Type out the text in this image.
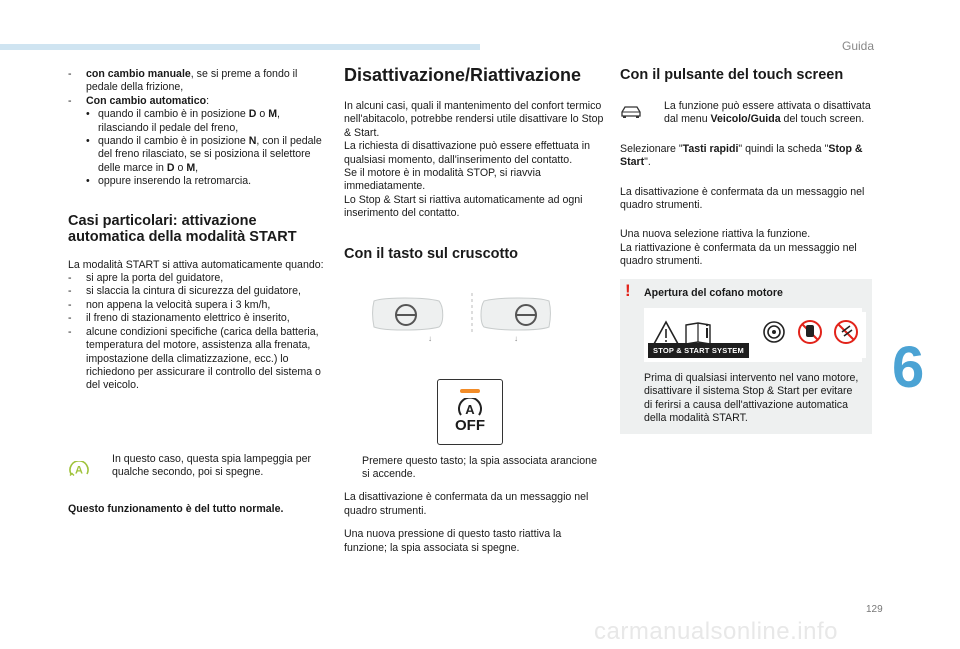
Guida
-	con cambio manuale, se si preme a fondo il pedale della frizione,
-	Con cambio automatico:
• quando il cambio è in posizione D o M, rilasciando il pedale del freno,
• quando il cambio è in posizione N, con il pedale del freno rilasciato, se si posiziona il selettore delle marce in D o M,
• oppure inserendo la retromarcia.
Casi particolari: attivazione automatica della modalità START

La modalità START si attiva automaticamente quando:

-	si apre la porta del guidatore,
-	si slaccia la cintura di sicurezza del guidatore,
-	non appena la velocità supera i 3 km/h,
-	il freno di stazionamento elettrico è inserito,
-	alcune condizioni specifiche (carica della batteria, temperatura del motore, assistenza alla frenata, impostazione della climatizzazione, ecc.) lo richiedono per assicurare il controllo del sistema o del veicolo.
A
In questo caso, questa spia lampeggia per qualche secondo, poi si spegne.

Questo funzionamento è del tutto normale.

Disattivazione/Riattivazione

In alcuni casi, quali il mantenimento del confort termico nell'abitacolo, potrebbe rendersi utile disattivare lo Stop & Start.

La richiesta di disattivazione può essere effettuata in qualsiasi momento, dall'inserimento del contatto.

Se il motore è in modalità STOP, si riavvia immediatamente.

Lo Stop & Start si riattiva automaticamente ad ogni inserimento del contatto.

Con il tasto sul cruscotto
↓	↓
A
OFF
Premere questo tasto; la spia associata arancione si accende.

La disattivazione è confermata da un messaggio nel quadro strumenti.

Una nuova pressione di questo tasto riattiva la funzione; la spia associata si spegne.

Con il pulsante del touch screen
La funzione può essere attivata o disattivata dal menu Veicolo/Guida del touch screen.

Selezionare "Tasti rapidi" quindi la scheda "Stop & Start".

La disattivazione è confermata da un messaggio nel quadro strumenti.

Una nuova selezione riattiva la funzione.

La riattivazione è confermata da un messaggio nel quadro strumenti.

! Apertura del cofano motore
STOP & START SYSTEM
Prima di qualsiasi intervento nel vano motore, disattivare il sistema Stop & Start per evitare di ferirsi a causa dell'attivazione automatica della modalità START.
6
129
carmanualsonline.info
